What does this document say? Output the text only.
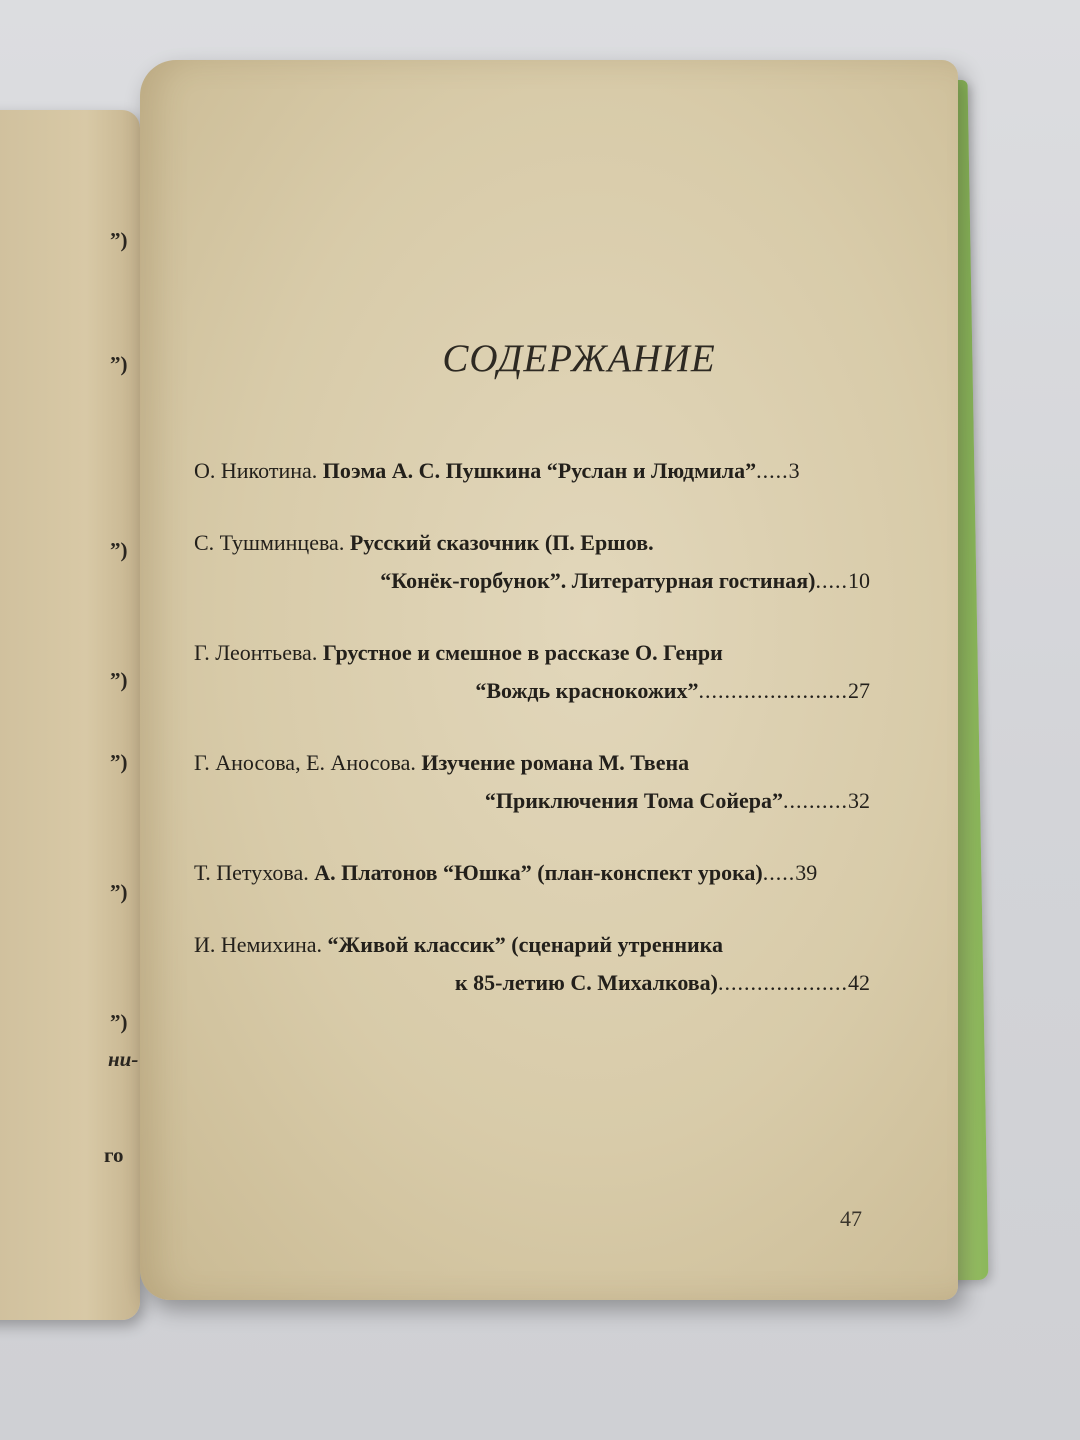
”)
”)
”)
”)
”)
”)
”)
ни-
го
СОДЕРЖАНИЕ
О. Никотина. Поэма А. С. Пушкина “Руслан и Людмила”.....3
С. Тушминцева. Русский сказочник (П. Ершов.
“Конёк-горбунок”. Литературная гостиная).....10
Г. Леонтьева. Грустное и смешное в рассказе О. Генри
“Вождь краснокожих”.......................27
Г. Аносова, Е. Аносова. Изучение романа М. Твена
“Приключения Тома Сойера”..........32
Т. Петухова. А. Платонов “Юшка” (план-конспект урока).....39
И. Немихина. “Живой классик” (сценарий утренника
к 85-летию С. Михалкова)....................42
47
